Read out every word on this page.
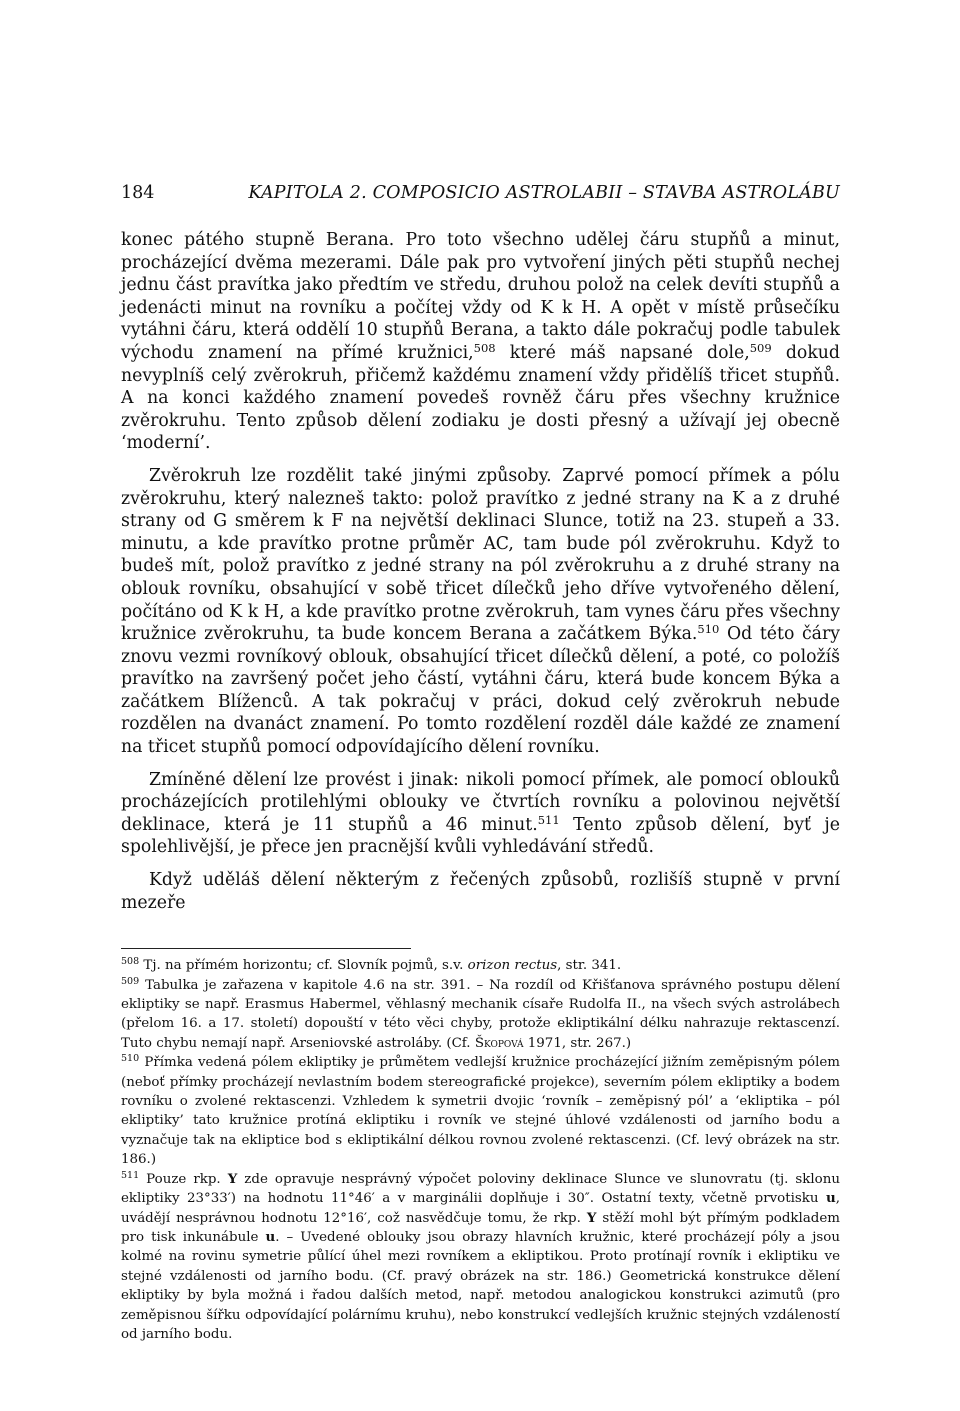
184	KAPITOLA 2. COMPOSICIO ASTROLABII – STAVBA ASTROLÁBU

konec pátého stupně Berana. Pro toto všechno udělej čáru stupňů a minut, procházející dvěma mezerami. Dále pak pro vytvoření jiných pěti stupňů nechej jednu část pravítka jako předtím ve středu, druhou polož na celek devíti stupňů a jedenácti minut na rovníku a počítej vždy od K k H. A opět v místě průsečíku vytáhni čáru, která oddělí 10 stupňů Berana, a takto dále pokračuj podle tabulek východu znamení na přímé kružnici,$^{508}$ které máš napsané dole,$^{509}$ dokud nevyplníš celý zvěrokruh, přičemž každému znamení vždy přidělíš třicet stupňů. A na konci každého znamení povedeš rovněž čáru přes všechny kružnice zvěrokruhu. Tento způsob dělení zodiaku je dosti přesný a užívají jej obecně ‘moderní’.

Zvěrokruh lze rozdělit také jinými způsoby. Zaprvé pomocí přímek a pólu zvěrokruhu, který nalezneš takto: polož pravítko z jedné strany na K a z druhé strany od G směrem k F na největší deklinaci Slunce, totiž na 23. stupeň a 33. minutu, a kde pravítko protne průměr AC, tam bude pól zvěrokruhu. Když to budeš mít, polož pravítko z jedné strany na pól zvěrokruhu a z druhé strany na oblouk rovníku, obsahující v sobě třicet dílečků jeho dříve vytvořeného dělení, počítáno od K k H, a kde pravítko protne zvěrokruh, tam vynes čáru přes všechny kružnice zvěrokruhu, ta bude koncem Berana a začátkem Býka.$^{510}$ Od této čáry znovu vezmi rovníkový oblouk, obsahující třicet dílečků dělení, a poté, co položíš pravítko na završený počet jeho částí, vytáhni čáru, která bude koncem Býka a začátkem Blíženců. A tak pokračuj v práci, dokud celý zvěrokruh nebude rozdělen na dvanáct znamení. Po tomto rozdělení rozděl dále každé ze znamení na třicet stupňů pomocí odpovídajícího dělení rovníku.

Zmíněné dělení lze provést i jinak: nikoli pomocí přímek, ale pomocí oblouků procházejících protilehlými oblouky ve čtvrtích rovníku a polovinou největší deklinace, která je 11 stupňů a 46 minut.$^{511}$ Tento způsob dělení, byť je spolehlivější, je přece jen pracnější kvůli vyhledávání středů.

Když uděláš dělení některým z řečených způsobů, rozlišíš stupně v první mezeře

$^{508}$ Tj. na přímém horizontu; cf. Slovník pojmů, s.v. orizon rectus, str. 341.

$^{509}$ Tabulka je zařazena v kapitole 4.6 na str. 391. – Na rozdíl od Křišťanova správného postupu dělení ekliptiky se např. Erasmus Habermel, věhlasný mechanik císaře Rudolfa II., na všech svých astrolábech (přelom 16. a 17. století) dopouští v této věci chyby, protože ekliptikální délku nahrazuje rektascenzí. Tuto chybu nemají např. Arseniovské astroláby. (Cf. Škopová 1971, str. 267.)

$^{510}$ Přímka vedená pólem ekliptiky je průmětem vedlejší kružnice procházející jižním zeměpisným pólem (neboť přímky procházejí nevlastním bodem stereografické projekce), severním pólem ekliptiky a bodem rovníku o zvolené rektascenzi. Vzhledem k symetrii dvojic ‘rovník – zeměpisný pól’ a ‘ekliptika – pól ekliptiky’ tato kružnice protíná ekliptiku i rovník ve stejné úhlové vzdálenosti od jarního bodu a vyznačuje tak na ekliptice bod s ekliptikální délkou rovnou zvolené rektascenzi. (Cf. levý obrázek na str. 186.)

$^{511}$ Pouze rkp. Y zde opravuje nesprávný výpočet poloviny deklinace Slunce ve slunovratu (tj. sklonu ekliptiky 23°33′) na hodnotu 11°46′ a v marginálii doplňuje i 30″. Ostatní texty, včetně prvotisku u, uvádějí nesprávnou hodnotu 12°16′, což nasvědčuje tomu, že rkp. Y stěží mohl být přímým podkladem pro tisk inkunábule u. – Uvedené oblouky jsou obrazy hlavních kružnic, které procházejí póly a jsou kolmé na rovinu symetrie půlící úhel mezi rovníkem a ekliptikou. Proto protínají rovník i ekliptiku ve stejné vzdálenosti od jarního bodu. (Cf. pravý obrázek na str. 186.) Geometrická konstrukce dělení ekliptiky by byla možná i řadou dalších metod, např. metodou analogickou konstrukci azimutů (pro zeměpisnou šířku odpovídající polárnímu kruhu), nebo konstrukcí vedlejších kružnic stejných vzdáleností od jarního bodu.
